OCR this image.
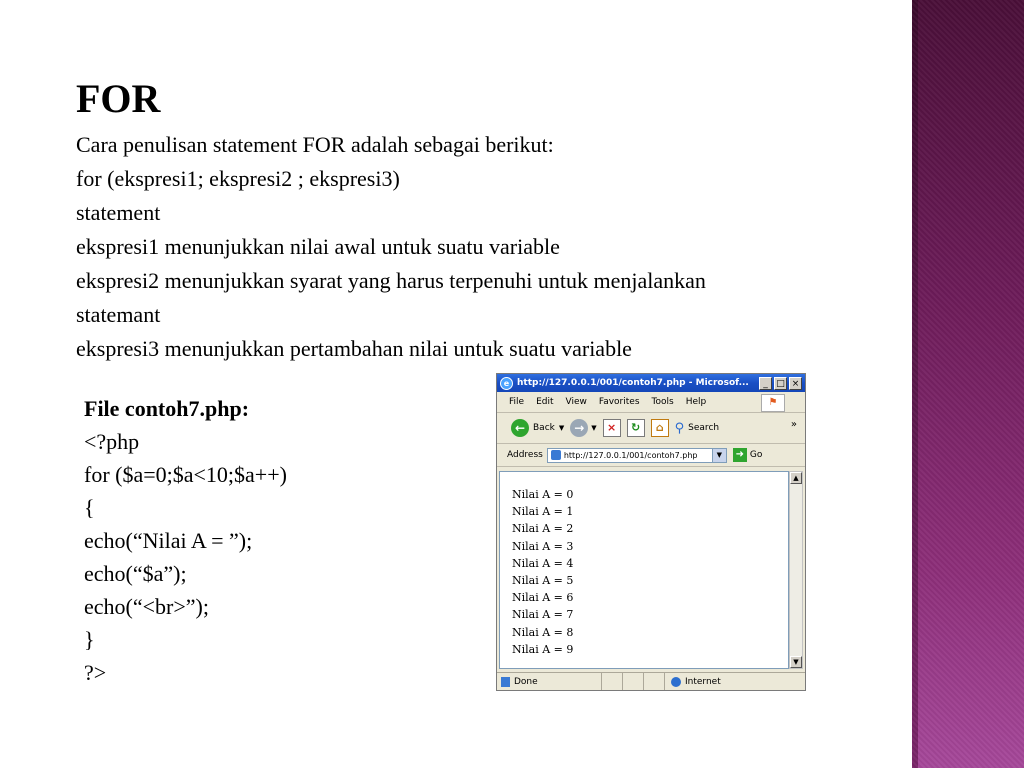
FOR
Cara penulisan statement FOR adalah sebagai berikut:
for (ekspresi1; ekspresi2 ; ekspresi3)
statement
ekspresi1 menunjukkan nilai awal untuk suatu variable
ekspresi2 menunjukkan syarat yang harus terpenuhi untuk menjalankan
statemant
ekspresi3 menunjukkan pertambahan nilai untuk suatu variable
File contoh7.php:
<?php
for ($a=0;$a<10;$a++)
{
echo(“Nilai A = ”);
echo(“$a”);
echo(“<br>”);
}
?>
e http://127.0.0.1/001/contoh7.php - Microsof...	_ □ ×
File Edit View Favorites Tools Help	⚑
← Back ▼ → ▼ ×	↻	⌂ ⚲ Search	»
Address	http://127.0.0.1/001/contoh7.php	▼	➜ Go
Nilai A = 0
Nilai A = 1
Nilai A = 2
Nilai A = 3
Nilai A = 4
Nilai A = 5
Nilai A = 6
Nilai A = 7
Nilai A = 8
Nilai A = 9
▲
▼
Done	Internet
